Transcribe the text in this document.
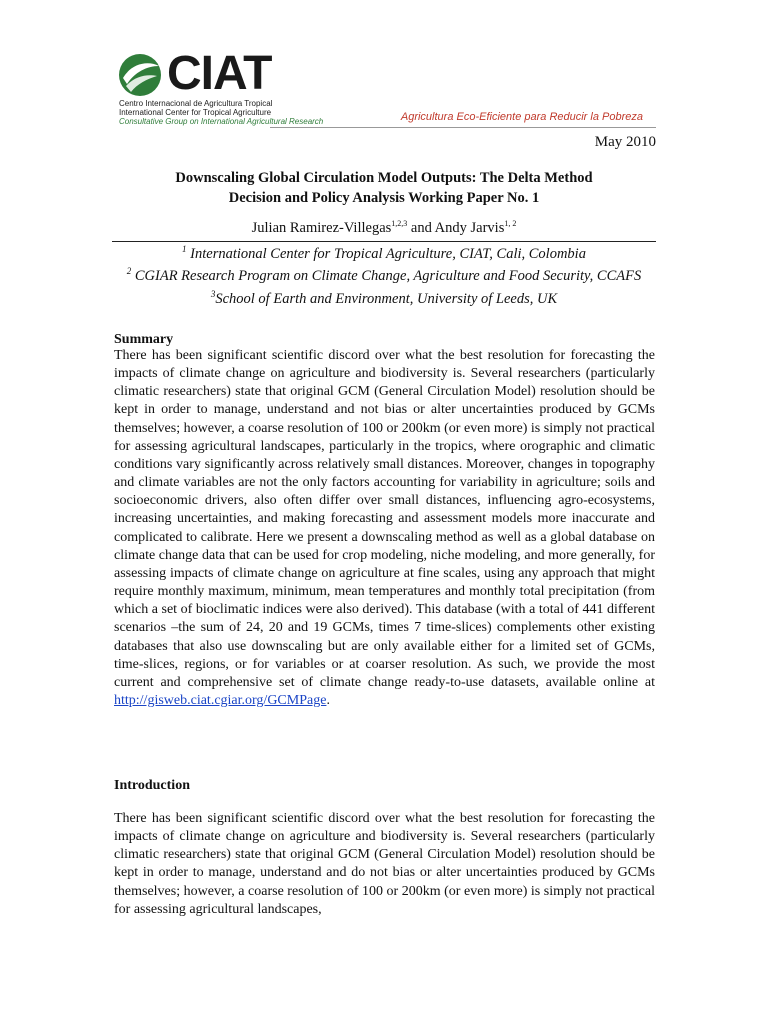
CIAT
Centro Internacional de Agricultura Tropical
International Center for Tropical Agriculture
Consultative Group on International Agricultural Research	Agricultura Eco-Eficiente para Reducir la Pobreza
May 2010
Downscaling Global Circulation Model Outputs: The Delta Method
Decision and Policy Analysis Working Paper No. 1
Julian Ramirez-Villegas$^{1,2,3}$ and Andy Jarvis$^{1, 2}$
$^1$ International Center for Tropical Agriculture, CIAT, Cali, Colombia
$^2$ CGIAR Research Program on Climate Change, Agriculture and Food Security, CCAFS
$^3$School of Earth and Environment, University of Leeds, UK
Summary

There has been significant scientific discord over what the best resolution for forecasting the impacts of climate change on agriculture and biodiversity is. Several researchers (particularly climatic researchers) state that original GCM (General Circulation Model) resolution should be kept in order to manage, understand and not bias or alter uncertainties produced by GCMs themselves; however, a coarse resolution of 100 or 200km (or even more) is simply not practical for assessing agricultural landscapes, particularly in the tropics, where orographic and climatic conditions vary significantly across relatively small distances. Moreover, changes in topography and climate variables are not the only factors accounting for variability in agriculture; soils and socioeconomic drivers, also often differ over small distances, influencing agro-ecosystems, increasing uncertainties, and making forecasting and assessment models more inaccurate and complicated to calibrate. Here we present a downscaling method as well as a global database on climate change data that can be used for crop modeling, niche modeling, and more generally, for assessing impacts of climate change on agriculture at fine scales, using any approach that might require monthly maximum, minimum, mean temperatures and monthly total precipitation (from which a set of bioclimatic indices were also derived). This database (with a total of 441 different scenarios –the sum of 24, 20 and 19 GCMs, times 7 time-slices) complements other existing databases that also use downscaling but are only available either for a limited set of GCMs, time-slices, regions, or for variables or at coarser resolution. As such, we provide the most current and comprehensive set of climate change ready-to-use datasets, available online at http://gisweb.ciat.cgiar.org/GCMPage.

Introduction

There has been significant scientific discord over what the best resolution for forecasting the impacts of climate change on agriculture and biodiversity is. Several researchers (particularly climatic researchers) state that original GCM (General Circulation Model) resolution should be kept in order to manage, understand and do not bias or alter uncertainties produced by GCMs themselves; however, a coarse resolution of 100 or 200km (or even more) is simply not practical for assessing agricultural landscapes,
